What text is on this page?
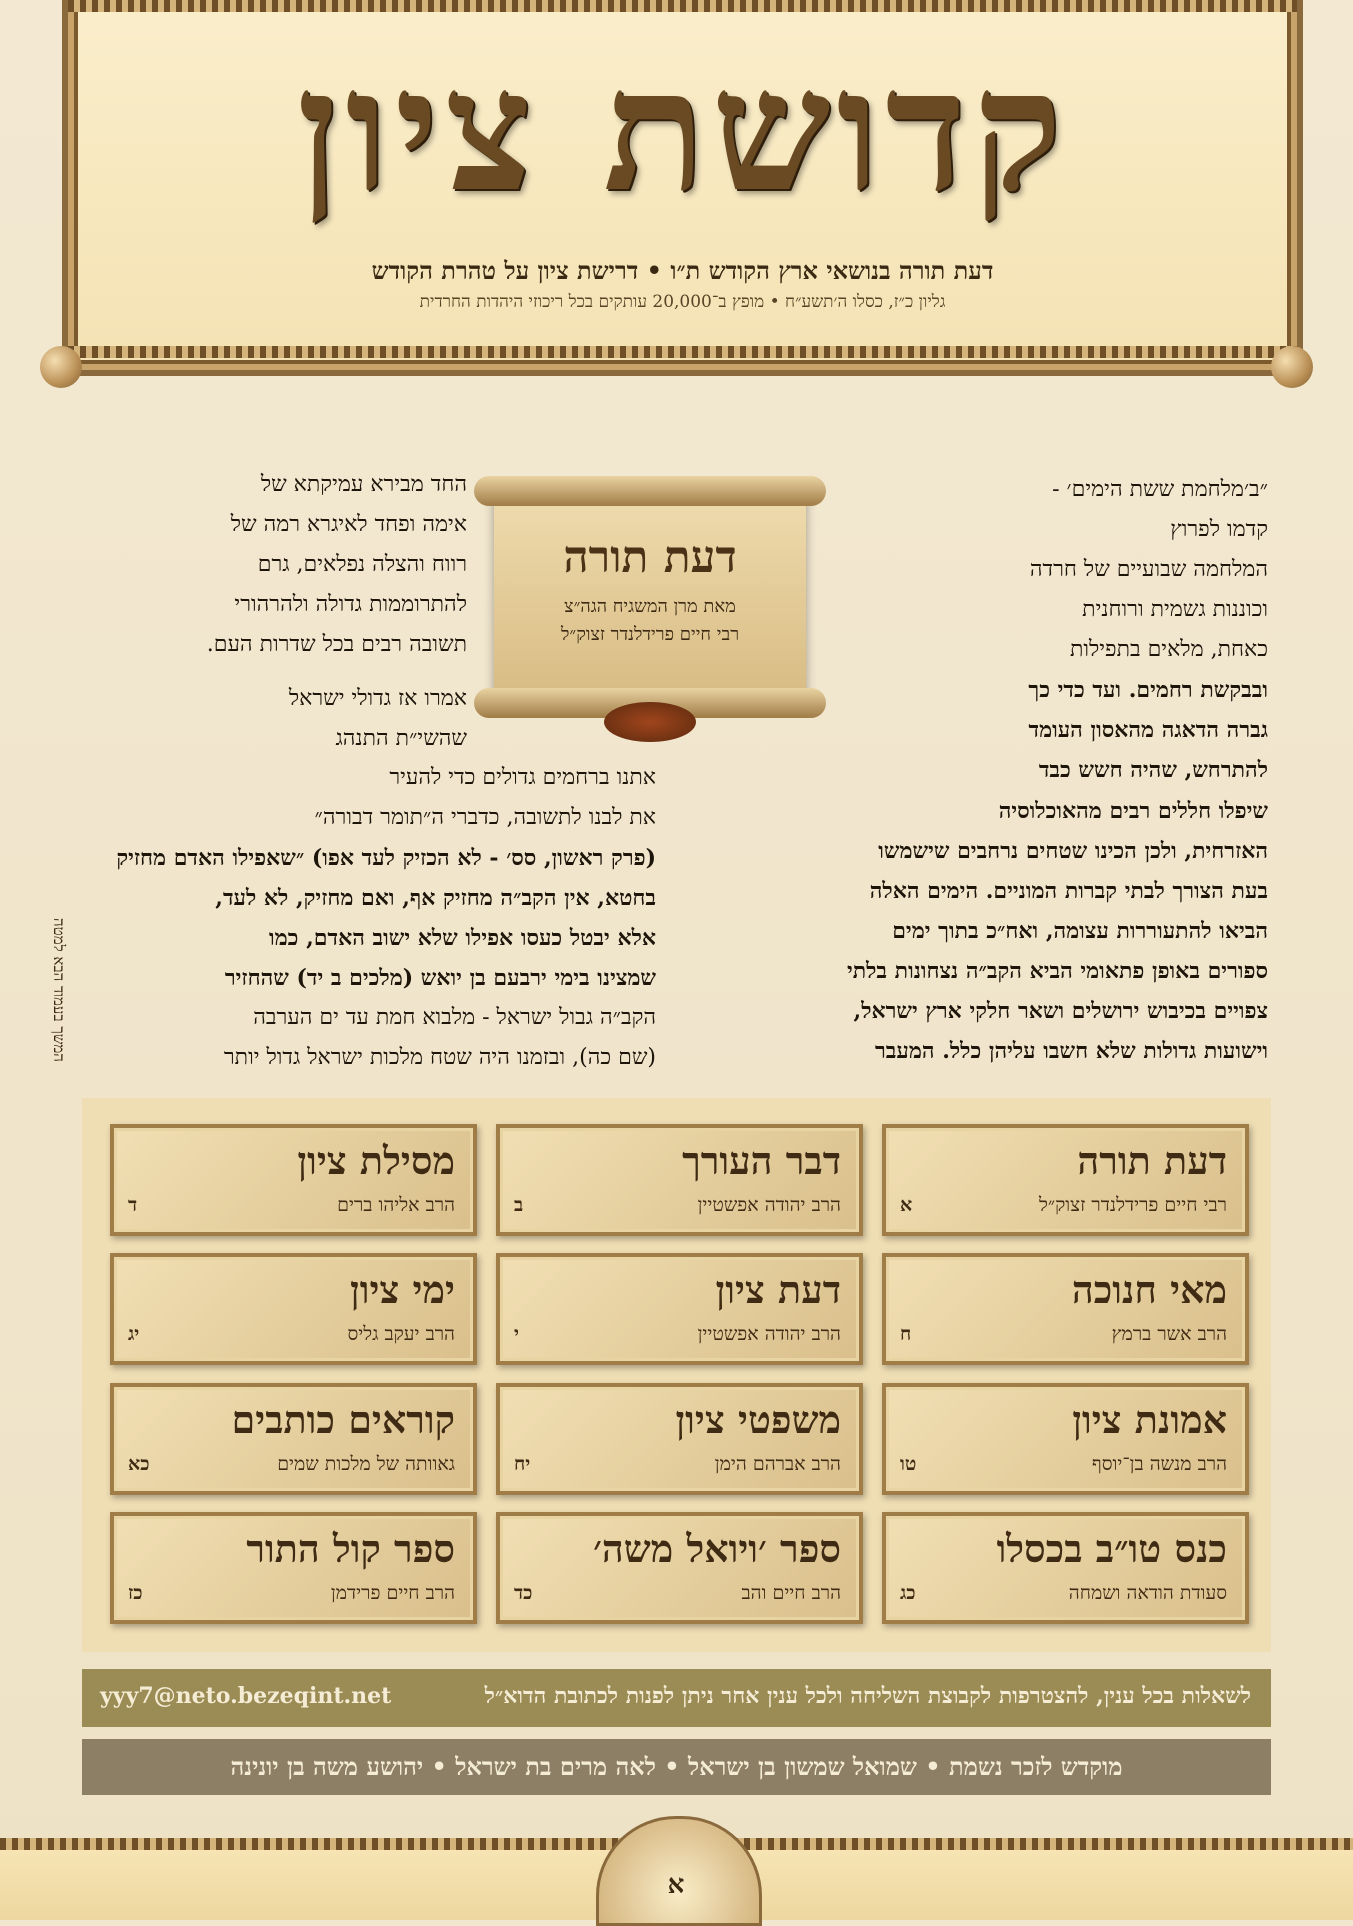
קדושת ציון
דעת תורה בנושאי ארץ הקודש ת״ו • דרישת ציון על טהרת הקודש
גליון כ״ז, כסלו ה׳תשע״ח • מופץ ב־20,000 עותקים בכל ריכוזי היהדות החרדית
״ב׳מלחמת ששת הימים׳ -
קדמו לפרוץ
המלחמה שבועיים של חרדה
וכוננות גשמית ורוחנית
כאחת, מלאים בתפילות
ובבקשת רחמים. ועד כדי כך
גברה הדאגה מהאסון העומד
להתרחש, שהיה חשש כבד
שיפלו חללים רבים מהאוכלוסיה
האזרחית, ולכן הכינו שטחים נרחבים שישמשו
בעת הצורך לבתי קברות המוניים. הימים האלה
הביאו להתעוררות עצומה, ואח״כ בתוך ימים
ספורים באופן פתאומי הביא הקב״ה נצחונות בלתי
צפויים בכיבוש ירושלים ושאר חלקי ארץ ישראל,
וישועות גדולות שלא חשבו עליהן כלל. המעבר
דעת תורה
מאת מרן המשגיח הגה״צ
רבי חיים פרידלנדר זצוק״ל
החד מבירא עמיקתא של
אימה ופחד לאיגרא רמה של
רווח והצלה נפלאים, גרם
להתרוממות גדולה ולהרהורי
תשובה רבים בכל שדרות העם.
אמרו אז גדולי ישראל
שהשי״ת התנהג
אתנו ברחמים גדולים כדי להעיר
את לבנו לתשובה, כדברי ה״תומר דבורה״
(פרק ראשון, סס׳ - לא הכזיק לעד אפו) ״שאפילו האדם מחזיק
בחטא, אין הקב״ה מחזיק אף, ואם מחזיק, לא לעד,
אלא יבטל כעסו אפילו שלא ישוב האדם, כמו
שמצינו בימי ירבעם בן יואש (מלכים ב יד) שהחזיר
הקב״ה גבול ישראל - מלבוא חמת עד ים הערבה
(שם כה), ובזמנו היה שטח מלכות ישראל גדול יותר
המשך בעמוד הבא למטה
דעת תורה
רבי חיים פרידלנדר זצוק״ל
א
דבר העורך
הרב יהודה אפשטיין
ב
מסילת ציון
הרב אליהו ברים
ד
מאי חנוכה
הרב אשר ברמץ
ח
דעת ציון
הרב יהודה אפשטיין
י
ימי ציון
הרב יעקב גליס
יג
אמונת ציון
הרב מנשה בן־יוסף
טו
משפטי ציון
הרב אברהם הימן
יח
קוראים כותבים
גאוותה של מלכות שמים
כא
כנס טו״ב בכסלו
סעודת הודאה ושמחה
כג
ספר ׳ויואל משה׳
הרב חיים והב
כד
ספר קול התור
הרב חיים פרידמן
כז
לשאלות בכל ענין, להצטרפות לקבוצת השליחה ולכל ענין אחר ניתן לפנות לכתובת הדוא״ל
yyy7@neto.bezeqint.net
מוקדש לזכר נשמת • שמואל שמשון בן ישראל • לאה מרים בת ישראל • יהושע משה בן יונינה
א
